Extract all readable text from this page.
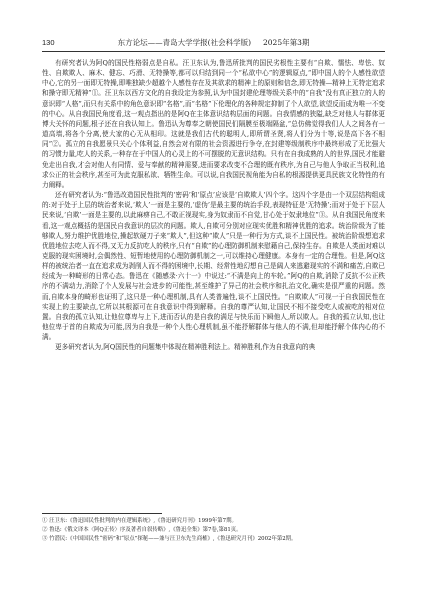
130	东方论坛——青岛大学学报(社会科学版) 2025年第3期

有研究者认为阿Q的国民性格弱点是自私。汪卫东认为,鲁迅所批判的国民劣根性主要有“自欺、懦怯、卑怯、奴性、自欺欺人、麻木、健忘、巧滑、无特操等,都可以归结到同一个“私欲中心”的逻辑原点,“即中国人的个人感性欲望中心,它的另一面即无特操,即唯独缺少超越个人感性存在及其欲求的精神上的原则和信念,即无特操—精神上无特定追求和操守即无精神”①。汪卫东以西方文化的自我设定为参照,认为中国封建伦理等级关系中的“自我”没有真正独立的人的意识即“人格”,而只有关系中的角色意识即“名格”,而“名格”下伦理化的各种规定抑制了个人欲望,欲望反而成为唯一不变的中心。从自我国民角度看,这一观点指出的是阿Q在主体意识结构层面的问题。自我情感的狭隘,缺乏对他人与群体更博大关怀的问题,根子还在自我认知上。鲁迅认为尊奉之朝使国民们隔膜至极端隔盆,“总仿佛觉得我们人人之间各有一道高墙,将各个分离,使大家的心无从相印。这就是我们古代的聪明人,即所谓圣贤,将人们分为十等,说是高下各不相同”②。孤立的自我愿景只关心个体利益,自然会对有限的社会资源进行争夺,在封建等级制秩序中最终形成了无比强大的习惯力量,吃人的关系,一种存在于中国人的心灵上的不可摆脱的无意识结构。只有在自我成熟的人的世界,国民才能避免走出自我,才会对他人有同情、爱与奉献的精神需要,进而要求改变不合理的既有秩序,为自己与他人争取正当权利,追求公正的社会秩序,甚至可为此克服私欲、牺牲生命。可以说,自我国民视角能为自私的根源提供更具民族文化特性的有力阐释。

还有研究者认为:“鲁迅改造国民性批判的‘密码’和‘原点’应该是‘自欺欺人’四个字。这四个字是由一个双层结构组成的:对于处于上层的统治者来说,‘欺人’一面是主要的,‘虚伪’是最主要的统治手段,表现特征是‘无特操’;而对于处于下层人民来说,‘自欺’一面是主要的,以此麻痹自己,不敢正视现实,身为奴隶而不自觉,甘心处于奴隶地位”③。从自我国民角度来看,这一观点概括的是国民自我意识的层次的问题。欺人,自欺可分别对应现实优胜和精神优胜的追求。统治阶级为了能够欺人,努力维护优胜地位,操起软硬刀子来“欺人”,但这种“欺人”只是一种行为方式,谈不上国民性。被统治阶级想追求优胜地位去吃人而不得,又无力反抗吃人的秩序,只有“自欺”的心理防御机制来慰藉自己,保持生存。自欺是人类面对难以克服的现实困境时,会偶然性、短暂地使用的心理防御机制之一,可以维持心理健康。本身有一定的合理性。但是,阿Q这样的被统治者一直在追求成为剥削人而不得的困境中,长期、经常性地幻想自己是阔人来逃避现实的不满和痛苦,自欺已经成为一种畸形的日常心态。鲁迅在《随感录·六十一》中说过:“不满是向上的车轮。”阿Q的自欺,消除了反抗不公正秩序的不满动力,消除了个人发展与社会进步的可能性,甚至维护了异己的社会秩序和扎治文化,确实是很严重的问题。然而,自欺本身的畸形也证明了,这只是一种心理机制,具有人类普遍性,谈不上国民性。“自欺欺人”可视一于自我国民性在实现上的主要缺点,它所以其根源可在自我意识中得到解释。自我的尊严认知,让国民不相不接受吃人或被吃的相对位置。自我的孤立认知,让他位尊卑与上下,进而否认的是自我的满足与快乐而下瞬他人,所以欺人。自我的孤立认知,也让他位卑于首的自欺成为可能,因为自我是一种个人性心理机制,虽不能抒解群体与他人的不满,但却能抒解个体内心的不满。

更多研究者认为,阿Q国民性的问题集中体现在精神胜利法上。精神胜利,作为自我意向的典

① 汪卫东:《鲁迅国民性批判的内在逻辑系统》,《鲁迅研究月刊》1999年第7期。
② 鲁迅:《俄文译本〈阿Q正传〉序及著者自叙传略》,《鲁迅全集》第7卷,第81页。
③ 竹潜民:《中国国民性“密码”和“原点”探秘——兼与汪卫东先生商榷》,《鲁迅研究月刊》2002年第2期。
